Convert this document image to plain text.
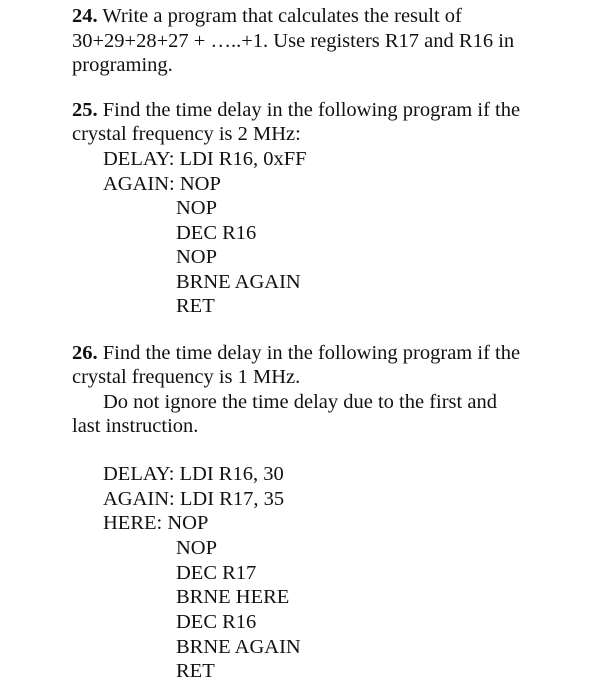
24. Write a program that calculates the result of
30+29+28+27 + …..+1. Use registers R17 and R16 in
programing.
25. Find the time delay in the following program if the
crystal frequency is 2 MHz:
DELAY: LDI R16, 0xFF
AGAIN: NOP
NOP
DEC R16
NOP
BRNE AGAIN
RET
26. Find the time delay in the following program if the
crystal frequency is 1 MHz.
Do not ignore the time delay due to the first and
last instruction.
DELAY: LDI R16, 30
AGAIN: LDI R17, 35
HERE: NOP
NOP
DEC R17
BRNE HERE
DEC R16
BRNE AGAIN
RET
